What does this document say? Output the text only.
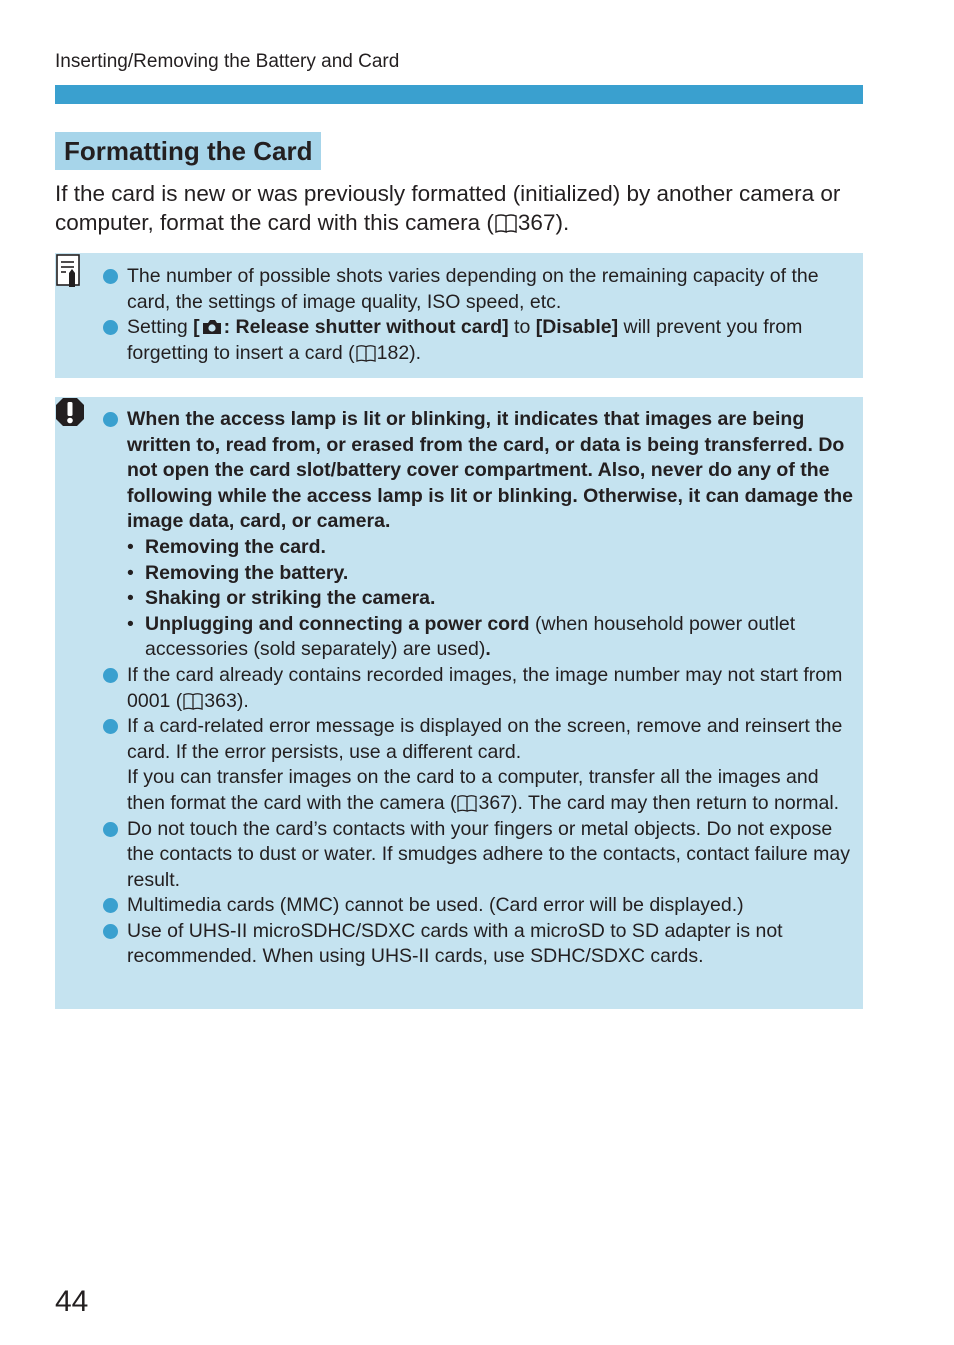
Inserting/Removing the Battery and Card
Formatting the Card
If the card is new or was previously formatted (initialized) by another camera or computer, format the card with this camera ( 367).
The number of possible shots varies depending on the remaining capacity of the card, the settings of image quality, ISO speed, etc.
Setting [ : Release shutter without card] to [Disable] will prevent you from forgetting to insert a card ( 182).
When the access lamp is lit or blinking, it indicates that images are being written to, read from, or erased from the card, or data is being transferred. Do not open the card slot/battery cover compartment. Also, never do any of the following while the access lamp is lit or blinking. Otherwise, it can damage the image data, card, or camera.
• Removing the card.
• Removing the battery.
• Shaking or striking the camera.
• Unplugging and connecting a power cord (when household power outlet accessories (sold separately) are used).
If the card already contains recorded images, the image number may not start from 0001 ( 363).
If a card-related error message is displayed on the screen, remove and reinsert the card. If the error persists, use a different card.
If you can transfer images on the card to a computer, transfer all the images and then format the card with the camera ( 367). The card may then return to normal.
Do not touch the card’s contacts with your fingers or metal objects. Do not expose the contacts to dust or water. If smudges adhere to the contacts, contact failure may result.
Multimedia cards (MMC) cannot be used. (Card error will be displayed.)
Use of UHS-II microSDHC/SDXC cards with a microSD to SD adapter is not recommended. When using UHS-II cards, use SDHC/SDXC cards.
44
